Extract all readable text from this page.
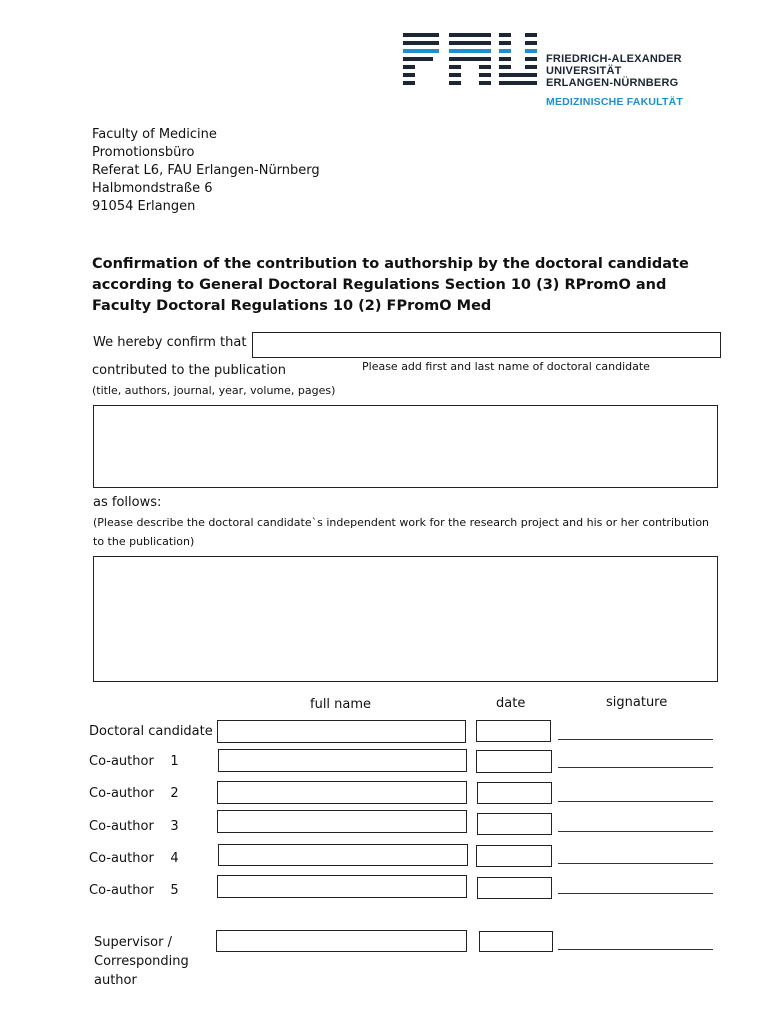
FRIEDRICH-ALEXANDER
UNIVERSITÄT
ERLANGEN-NÜRNBERG
MEDIZINISCHE FAKULTÄT
Faculty of Medicine
Promotionsbüro
Referat L6, FAU Erlangen-Nürnberg
Halbmondstraße 6
91054 Erlangen
Confirmation of the contribution to authorship by the doctoral candidate
according to General Doctoral Regulations Section 10 (3) RPromO and
Faculty Doctoral Regulations 10 (2) FPromO Med
We hereby confirm that
Please add first and last name of doctoral candidate
contributed to the publication
(title, authors, journal, year, volume, pages)
as follows:
(Please describe the doctoral candidate`s independent work for the research project and his or her contribution
to the publication)
full name	date	signature
Doctoral candidate
Co-author    1
Co-author    2
Co-author    3
Co-author    4
Co-author    5
Supervisor /
Corresponding
author
